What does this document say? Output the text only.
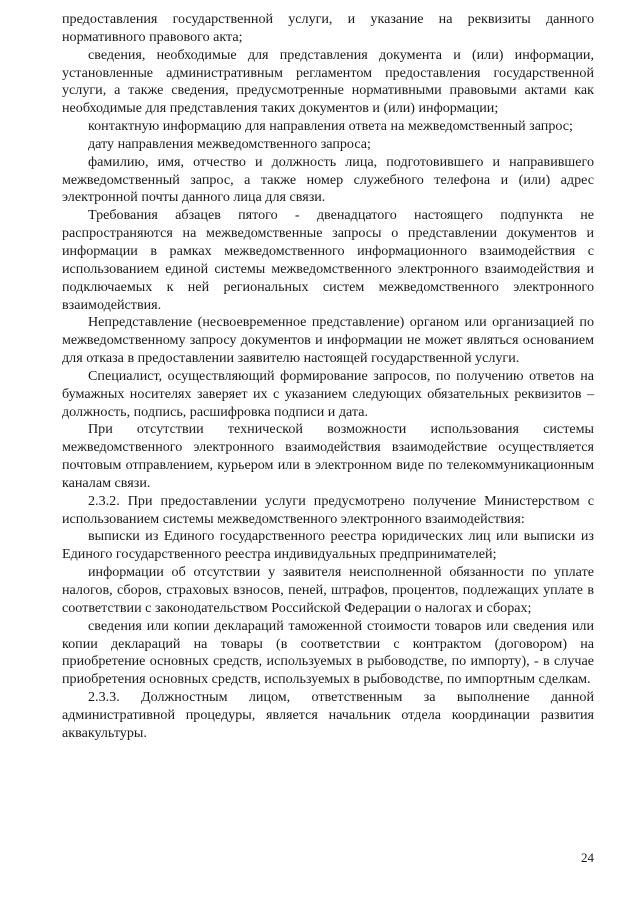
предоставления государственной услуги, и указание на реквизиты данного нормативного правового акта;

сведения, необходимые для представления документа и (или) информации, установленные административным регламентом предоставления государственной услуги, а также сведения, предусмотренные нормативными правовыми актами как необходимые для представления таких документов и (или) информации;

контактную информацию для направления ответа на межведомственный запрос;

дату направления межведомственного запроса;

фамилию, имя, отчество и должность лица, подготовившего и направившего межведомственный запрос, а также номер служебного телефона и (или) адрес электронной почты данного лица для связи.

Требования абзацев пятого - двенадцатого настоящего подпункта не распространяются на межведомственные запросы о представлении документов и информации в рамках межведомственного информационного взаимодействия с использованием единой системы межведомственного электронного взаимодействия и подключаемых к ней региональных систем межведомственного электронного взаимодействия.

Непредставление (несвоевременное представление) органом или организацией по межведомственному запросу документов и информации не может являться основанием для отказа в предоставлении заявителю настоящей государственной услуги.

Специалист, осуществляющий формирование запросов, по получению ответов на бумажных носителях заверяет их с указанием следующих обязательных реквизитов – должность, подпись, расшифровка подписи и дата.

При отсутствии технической возможности использования системы межведомственного электронного взаимодействия взаимодействие осуществляется почтовым отправлением, курьером или в электронном виде по телекоммуникационным каналам связи.

2.3.2. При предоставлении услуги предусмотрено получение Министерством с использованием системы межведомственного электронного взаимодействия:

выписки из Единого государственного реестра юридических лиц или выписки из Единого государственного реестра индивидуальных предпринимателей;

информации об отсутствии у заявителя неисполненной обязанности по уплате налогов, сборов, страховых взносов, пеней, штрафов, процентов, подлежащих уплате в соответствии с законодательством Российской Федерации о налогах и сборах;

сведения или копии деклараций таможенной стоимости товаров или сведения или копии деклараций на товары (в соответствии с контрактом (договором) на приобретение основных средств, используемых в рыбоводстве, по импорту), - в случае приобретения основных средств, используемых в рыбоводстве, по импортным сделкам.

2.3.3. Должностным лицом, ответственным за выполнение данной административной процедуры, является начальник отдела координации развития аквакультуры.

24
